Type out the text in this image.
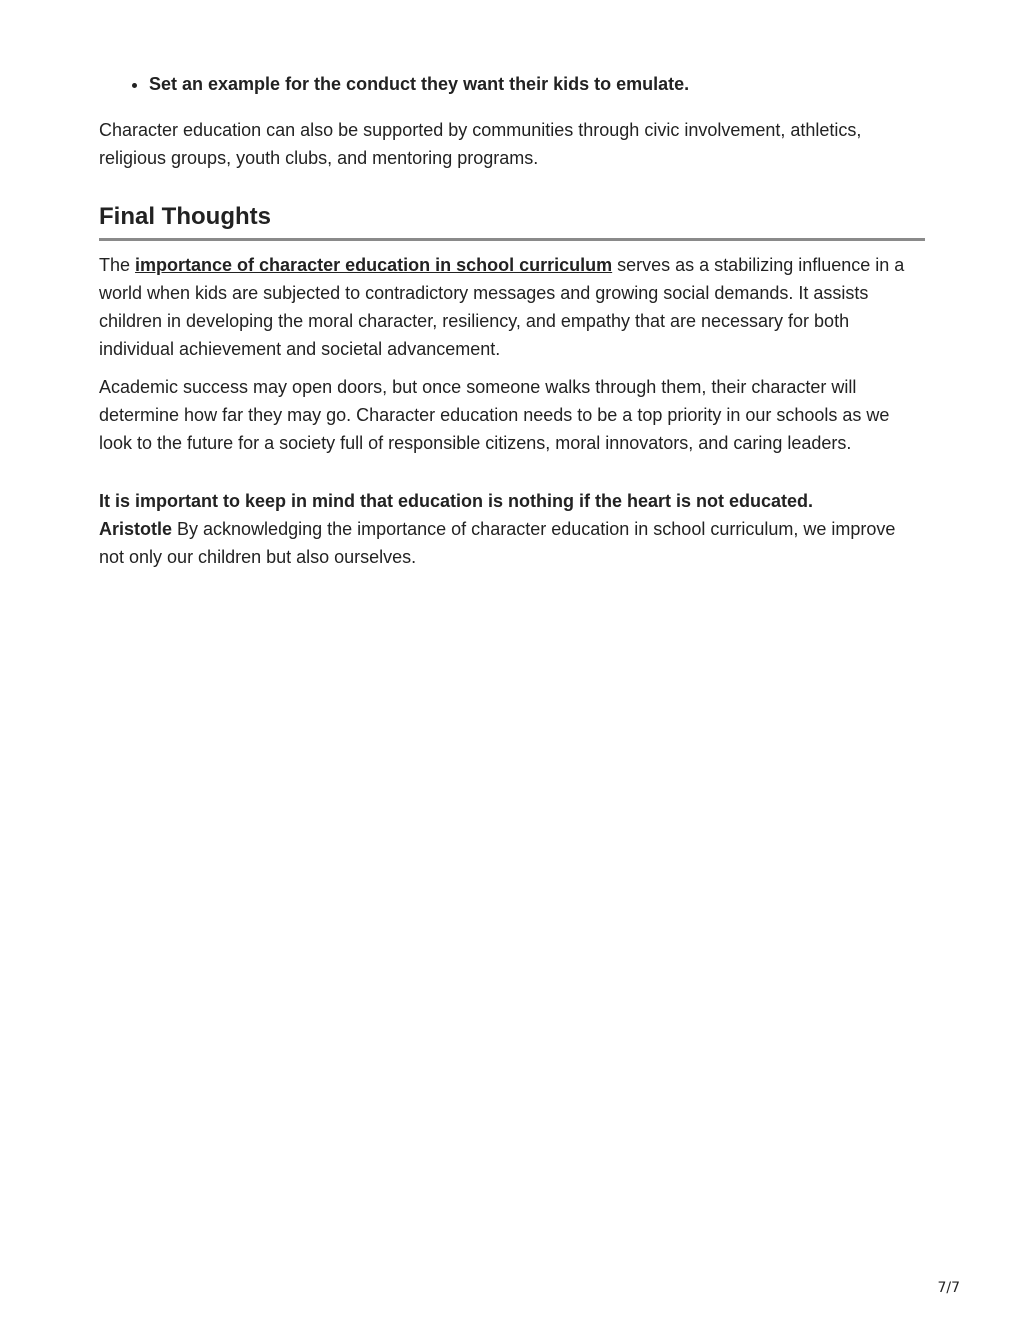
• Set an example for the conduct they want their kids to emulate.

Character education can also be supported by communities through civic involvement, athletics, religious groups, youth clubs, and mentoring programs.

Final Thoughts

The importance of character education in school curriculum serves as a stabilizing influence in a world when kids are subjected to contradictory messages and growing social demands. It assists children in developing the moral character, resiliency, and empathy that are necessary for both individual achievement and societal advancement.

Academic success may open doors, but once someone walks through them, their character will determine how far they may go. Character education needs to be a top priority in our schools as we look to the future for a society full of responsible citizens, moral innovators, and caring leaders.

It is important to keep in mind that education is nothing if the heart is not educated.
Aristotle By acknowledging the importance of character education in school curriculum, we improve not only our children but also ourselves.

7/7
